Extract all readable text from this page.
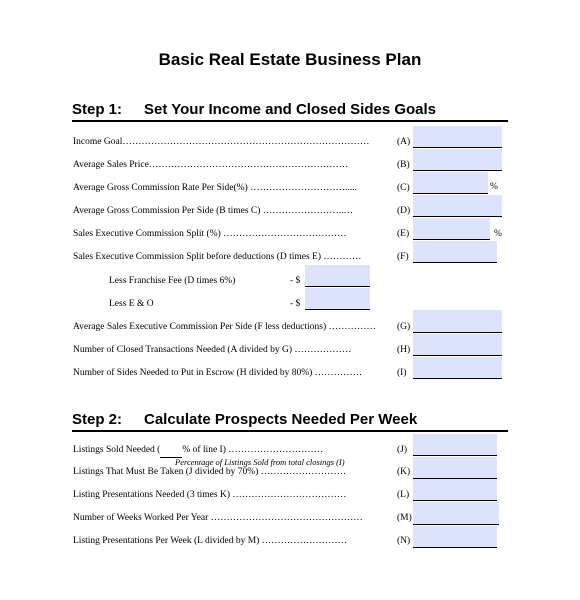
Basic Real Estate Business Plan
Step 1: Set Your Income and Closed Sides Goals
Income Goal……………………………………………………………………	(A)
Average Sales Price………………………………………………………	(B)
Average Gross Commission Rate Per Side(%) ………………………….....	(C)	%
Average Gross Commission Per Side (B times C) ……………………..…	(D)
Sales Executive Commission Split (%) …………………………………	(E)	%
Sales Executive Commission Split before deductions (D times E) …………	(F)
Less Franchise Fee (D times 6%)	- $
Less E & O	- $
Average Sales Executive Commission Per Side (F less deductions) …………… (G)
Number of Closed Transactions Needed (A divided by G) ………………	(H)
Number of Sides Needed to Put in Escrow (H divided by 80%) ……………	(I)
Step 2: Calculate Prospects Needed Per Week
Listings Sold Needed ( % of line I) …………………………	(J)
Percentage of Listings Sold from total closings (I)
Listings That Must Be Taken (J divided by 70%) ………………………	(K)
Listing Presentations Needed (3 times K) ………………………………	(L)
Number of Weeks Worked Per Year …………………………………………	(M)
Listing Presentations Per Week (L divided by M) ………………………	(N)
